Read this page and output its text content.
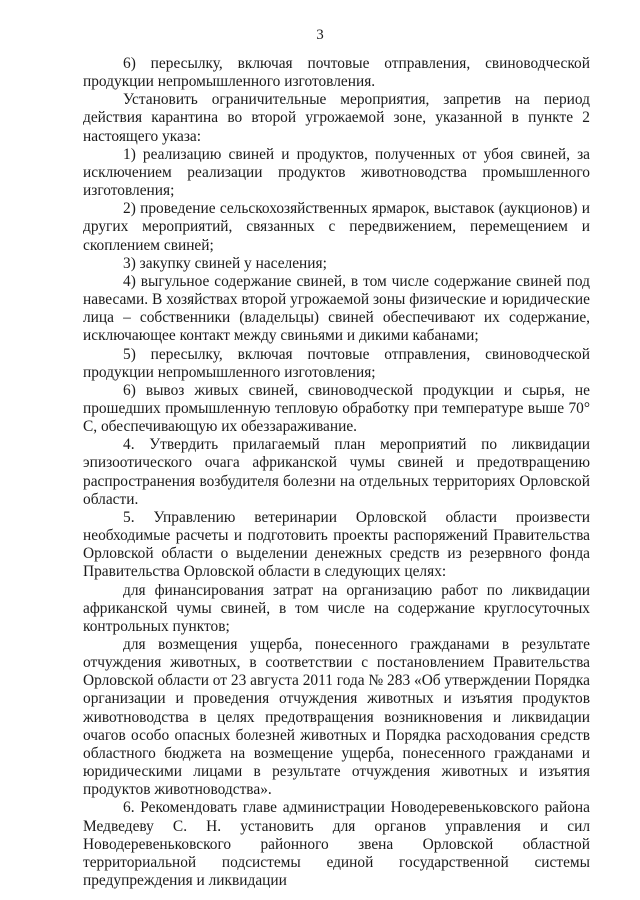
3

6) пересылку, включая почтовые отправления, свиноводческой продукции непромышленного изготовления.

Установить ограничительные мероприятия, запретив на период действия карантина во второй угрожаемой зоне, указанной в пункте 2 настоящего указа:

1) реализацию свиней и продуктов, полученных от убоя свиней, за исключением реализации продуктов животноводства промышленного изготовления;

2) проведение сельскохозяйственных ярмарок, выставок (аукционов) и других мероприятий, связанных с передвижением, перемещением и скоплением свиней;

3) закупку свиней у населения;

4) выгульное содержание свиней, в том числе содержание свиней под навесами. В хозяйствах второй угрожаемой зоны физические и юридические лица – собственники (владельцы) свиней обеспечивают их содержание, исключающее контакт между свиньями и дикими кабанами;

5) пересылку, включая почтовые отправления, свиноводческой продукции непромышленного изготовления;

6) вывоз живых свиней, свиноводческой продукции и сырья, не прошедших промышленную тепловую обработку при температуре выше 70° С, обеспечивающую их обеззараживание.

4. Утвердить прилагаемый план мероприятий по ликвидации эпизоотического очага африканской чумы свиней и предотвращению распространения возбудителя болезни на отдельных территориях Орловской области.

5. Управлению ветеринарии Орловской области произвести необходимые расчеты и подготовить проекты распоряжений Правительства Орловской области о выделении денежных средств из резервного фонда Правительства Орловской области в следующих целях:

для финансирования затрат на организацию работ по ликвидации африканской чумы свиней, в том числе на содержание круглосуточных контрольных пунктов;

для возмещения ущерба, понесенного гражданами в результате отчуждения животных, в соответствии с постановлением Правительства Орловской области от 23 августа 2011 года № 283 «Об утверждении Порядка организации и проведения отчуждения животных и изъятия продуктов животноводства в целях предотвращения возникновения и ликвидации очагов особо опасных болезней животных и Порядка расходования средств областного бюджета на возмещение ущерба, понесенного гражданами и юридическими лицами в результате отчуждения животных и изъятия продуктов животноводства».

6. Рекомендовать главе администрации Новодеревеньковского района Медведеву С. Н. установить для органов управления и сил Новодеревеньковского районного звена Орловской областной территориальной подсистемы единой государственной системы предупреждения и ликвидации
